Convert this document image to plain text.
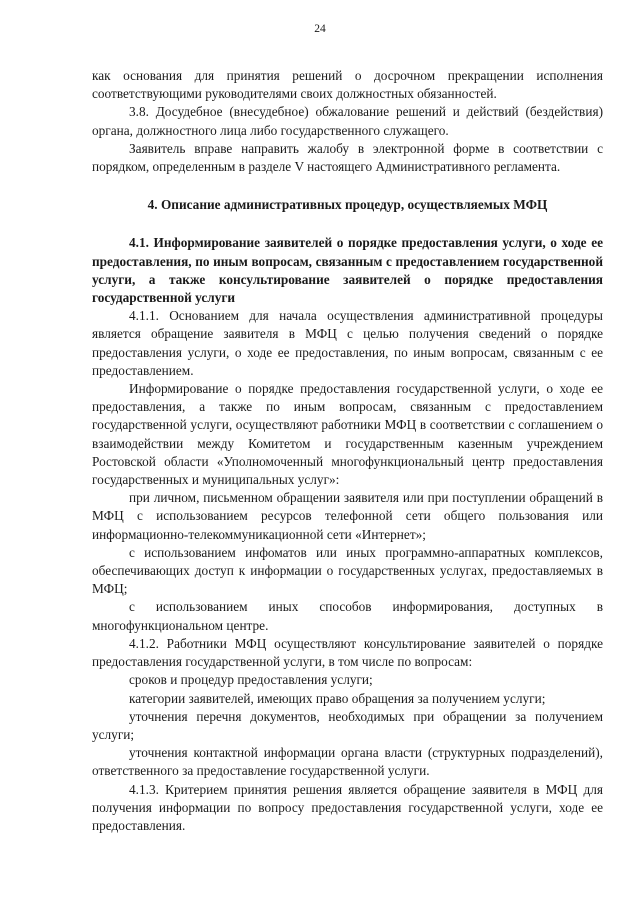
24

как основания для принятия решений о досрочном прекращении исполнения соответствующими руководителями своих должностных обязанностей.

3.8. Досудебное (внесудебное) обжалование решений и действий (бездействия) органа, должностного лица либо государственного служащего.

Заявитель вправе направить жалобу в электронной форме в соответствии с порядком, определенным в разделе V настоящего Административного регламента.

4. Описание административных процедур, осуществляемых МФЦ

4.1. Информирование заявителей о порядке предоставления услуги, о ходе ее предоставления, по иным вопросам, связанным с предоставлением государственной услуги, а также консультирование заявителей о порядке предоставления государственной услуги

4.1.1. Основанием для начала осуществления административной процедуры является обращение заявителя в МФЦ с целью получения сведений о порядке предоставления услуги, о ходе ее предоставления, по иным вопросам, связанным с ее предоставлением.

Информирование о порядке предоставления государственной услуги, о ходе ее предоставления, а также по иным вопросам, связанным с предоставлением государственной услуги, осуществляют работники МФЦ в соответствии с соглашением о взаимодействии между Комитетом и государственным казенным учреждением Ростовской области «Уполномоченный многофункциональный центр предоставления государственных и муниципальных услуг»:

при личном, письменном обращении заявителя или при поступлении обращений в МФЦ с использованием ресурсов телефонной сети общего пользования или информационно-телекоммуникационной сети «Интернет»;

с использованием инфоматов или иных программно-аппаратных комплексов, обеспечивающих доступ к информации о государственных услугах, предоставляемых в МФЦ;

с использованием иных способов информирования, доступных в многофункциональном центре.

4.1.2. Работники МФЦ осуществляют консультирование заявителей о порядке предоставления государственной услуги, в том числе по вопросам:

сроков и процедур предоставления услуги;

категории заявителей, имеющих право обращения за получением услуги;

уточнения перечня документов, необходимых при обращении за получением услуги;

уточнения контактной информации органа власти (структурных подразделений), ответственного за предоставление государственной услуги.

4.1.3. Критерием принятия решения является обращение заявителя в МФЦ для получения информации по вопросу предоставления государственной услуги, ходе ее предоставления.
